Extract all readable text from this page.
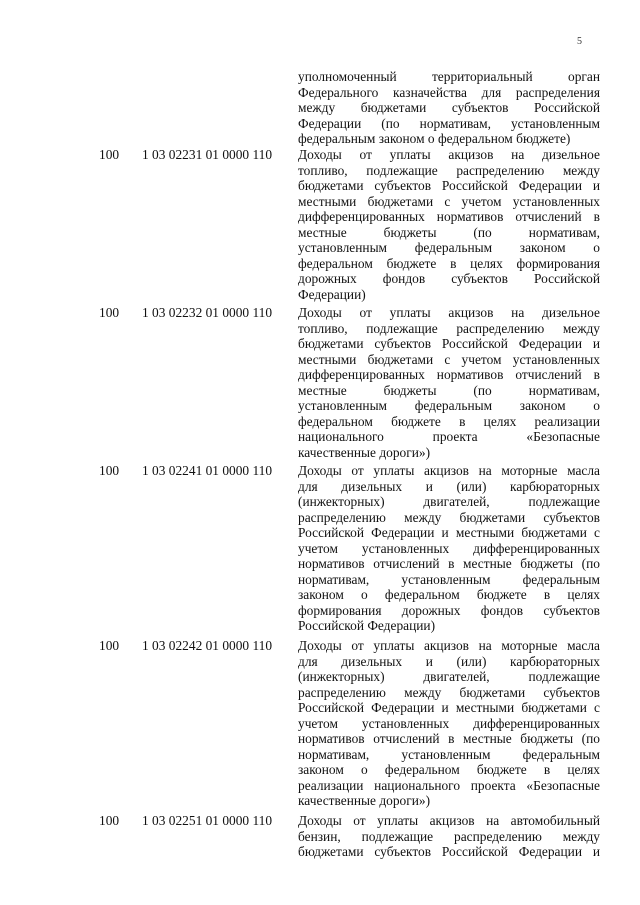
5
уполномоченный территориальный орган
Федерального казначейства для распределения
между бюджетами субъектов Российской
Федерации (по нормативам, установленным
федеральным законом о федеральном бюджете)
100 1 03 02231 01 0000 110 Доходы от уплаты акцизов на дизельное
топливо, подлежащие распределению между
бюджетами субъектов Российской Федерации и
местными бюджетами с учетом установленных
дифференцированных нормативов отчислений в
местные бюджеты (по нормативам,
установленным федеральным законом о
федеральном бюджете в целях формирования
дорожных фондов субъектов Российской
Федерации)
100 1 03 02232 01 0000 110 Доходы от уплаты акцизов на дизельное
топливо, подлежащие распределению между
бюджетами субъектов Российской Федерации и
местными бюджетами с учетом установленных
дифференцированных нормативов отчислений в
местные бюджеты (по нормативам,
установленным федеральным законом о
федеральном бюджете в целях реализации
национального проекта «Безопасные
качественные дороги»)
100 1 03 02241 01 0000 110 Доходы от уплаты акцизов на моторные масла
для дизельных и (или) карбюраторных
(инжекторных) двигателей, подлежащие
распределению между бюджетами субъектов
Российской Федерации и местными бюджетами с
учетом установленных дифференцированных
нормативов отчислений в местные бюджеты (по
нормативам, установленным федеральным
законом о федеральном бюджете в целях
формирования дорожных фондов субъектов
Российской Федерации)
100 1 03 02242 01 0000 110 Доходы от уплаты акцизов на моторные масла
для дизельных и (или) карбюраторных
(инжекторных) двигателей, подлежащие
распределению между бюджетами субъектов
Российской Федерации и местными бюджетами с
учетом установленных дифференцированных
нормативов отчислений в местные бюджеты (по
нормативам, установленным федеральным
законом о федеральном бюджете в целях
реализации национального проекта «Безопасные
качественные дороги»)
100 1 03 02251 01 0000 110 Доходы от уплаты акцизов на автомобильный
бензин, подлежащие распределению между
бюджетами субъектов Российской Федерации и
